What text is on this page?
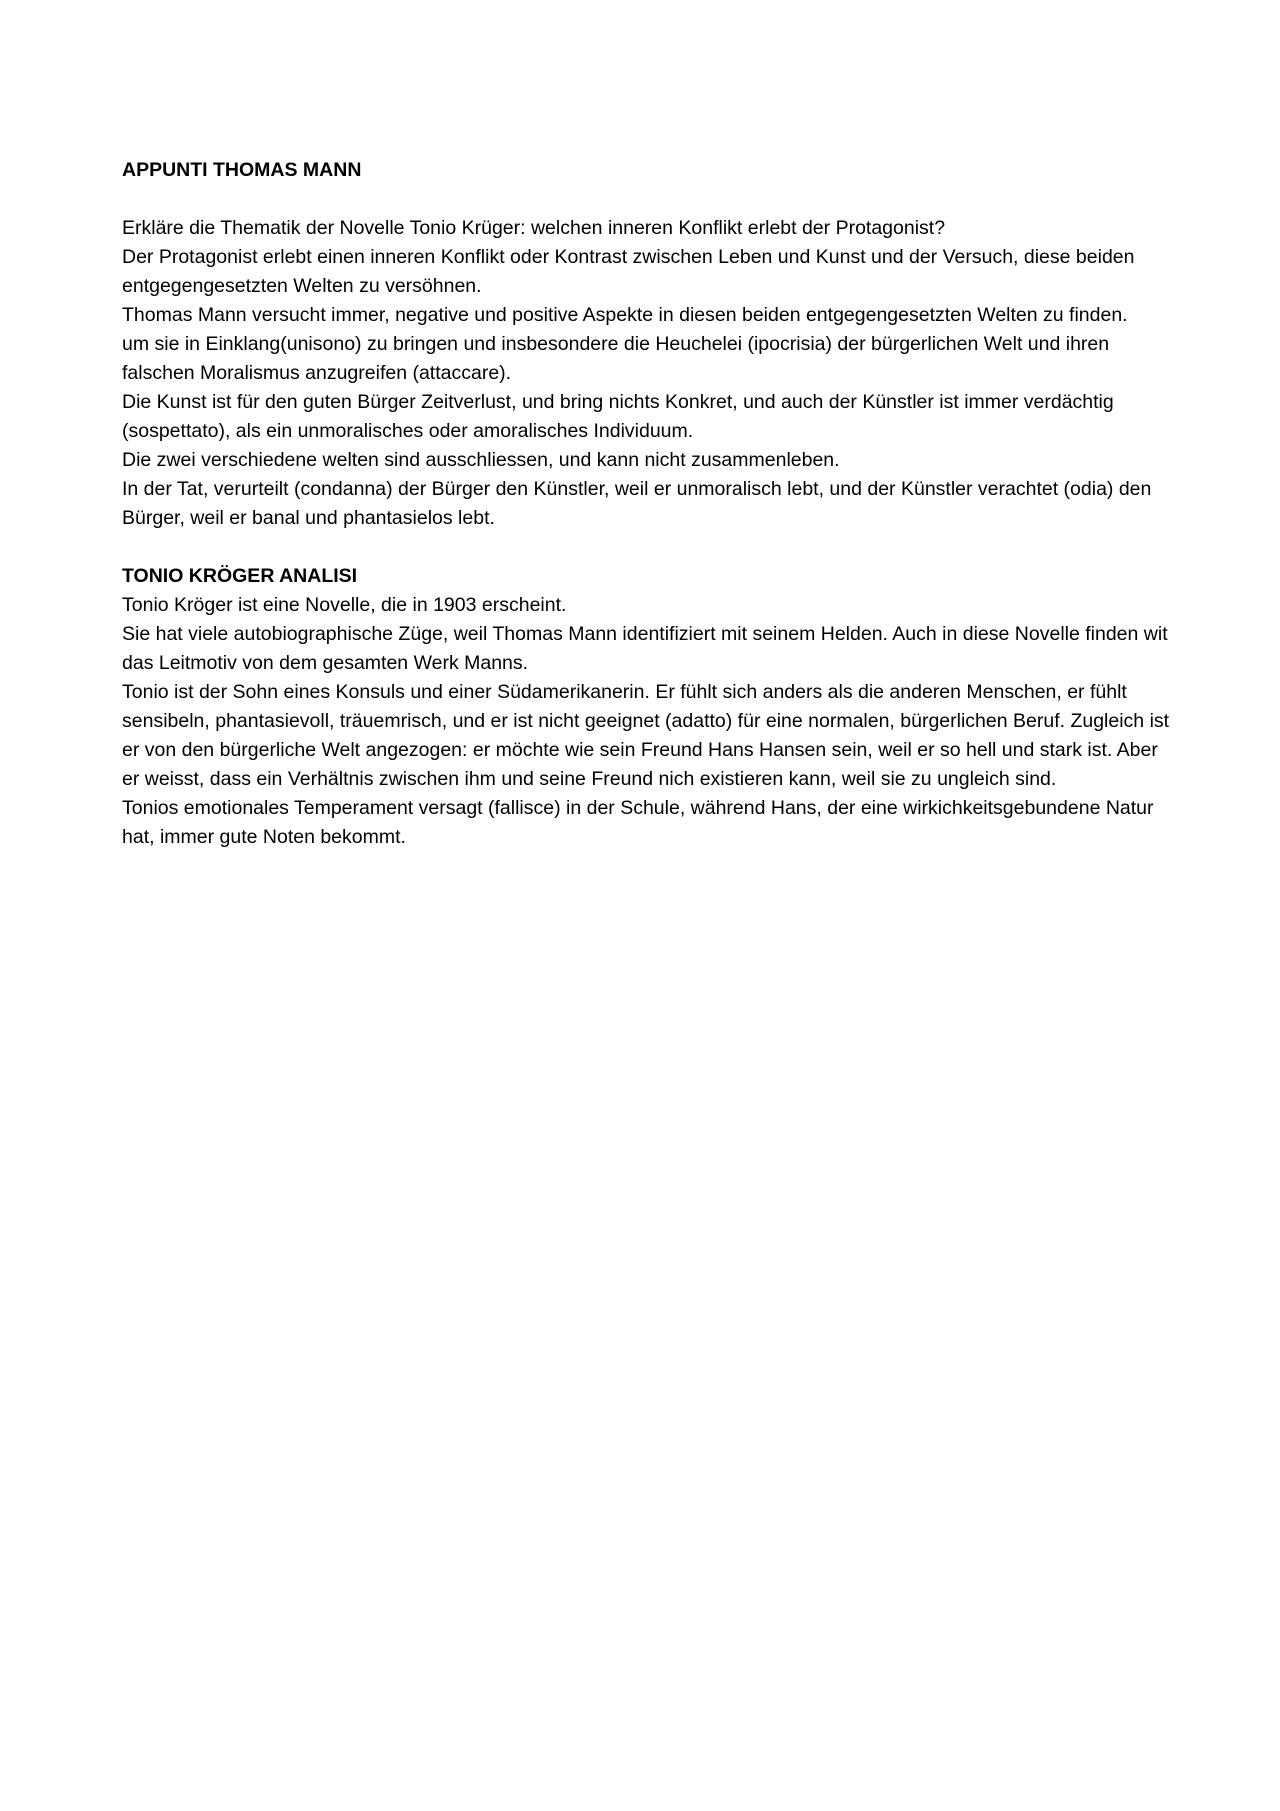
APPUNTI THOMAS MANN

Erkläre die Thematik der Novelle Tonio Krüger: welchen inneren Konflikt erlebt der Protagonist?

Der Protagonist erlebt einen inneren Konflikt oder Kontrast zwischen Leben und Kunst und der Versuch, diese beiden entgegengesetzten Welten zu versöhnen.

Thomas Mann versucht immer, negative und positive Aspekte in diesen beiden entgegengesetzten Welten zu finden.

um sie in Einklang(unisono) zu bringen und insbesondere die Heuchelei (ipocrisia) der bürgerlichen Welt und ihren falschen Moralismus anzugreifen (attaccare).

Die Kunst ist für den guten Bürger Zeitverlust, und bring nichts Konkret, und auch der Künstler ist immer verdächtig (sospettato), als ein unmoralisches oder amoralisches Individuum.

Die zwei verschiedene welten sind ausschliessen, und kann nicht zusammenleben.

In der Tat, verurteilt (condanna) der Bürger den Künstler, weil er unmoralisch lebt, und der Künstler verachtet (odia) den Bürger, weil er banal und phantasielos lebt.

TONIO KRÖGER ANALISI

Tonio Kröger ist eine Novelle, die in 1903 erscheint.

Sie hat viele autobiographische Züge, weil Thomas Mann identifiziert mit seinem Helden. Auch in diese Novelle finden wit das Leitmotiv von dem gesamten Werk Manns.

Tonio ist der Sohn eines Konsuls und einer Südamerikanerin. Er fühlt sich anders als die anderen Menschen, er fühlt sensibeln, phantasievoll, träuemrisch, und er ist nicht geeignet (adatto) für eine normalen, bürgerlichen Beruf. Zugleich ist er von den bürgerliche Welt angezogen: er möchte wie sein Freund Hans Hansen sein, weil er so hell und stark ist. Aber er weisst, dass ein Verhältnis zwischen ihm und seine Freund nich existieren kann, weil sie zu ungleich sind.

Tonios emotionales Temperament versagt (fallisce) in der Schule, während Hans, der eine wirkichkeitsgebundene Natur hat, immer gute Noten bekommt.
